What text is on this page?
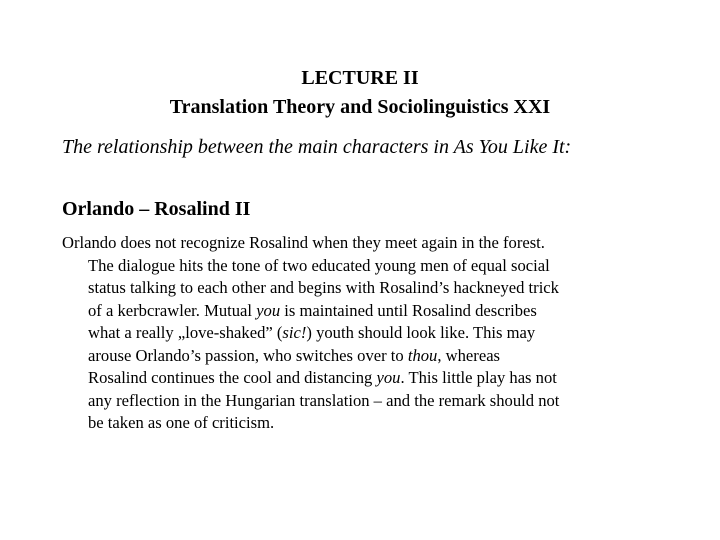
LECTURE II
Translation Theory and Sociolinguistics XXI
The relationship between the main characters in As You Like It:
Orlando – Rosalind II
Orlando does not recognize Rosalind when they meet again in the forest.
The dialogue hits the tone of two educated young men of equal social
status talking to each other and begins with Rosalind’s hackneyed trick
of a kerbcrawler. Mutual you is maintained until Rosalind describes
what a really „love-shaked” (sic!) youth should look like. This may
arouse Orlando’s passion, who switches over to thou, whereas
Rosalind continues the cool and distancing you. This little play has not
any reflection in the Hungarian translation – and the remark should not
be taken as one of criticism.
